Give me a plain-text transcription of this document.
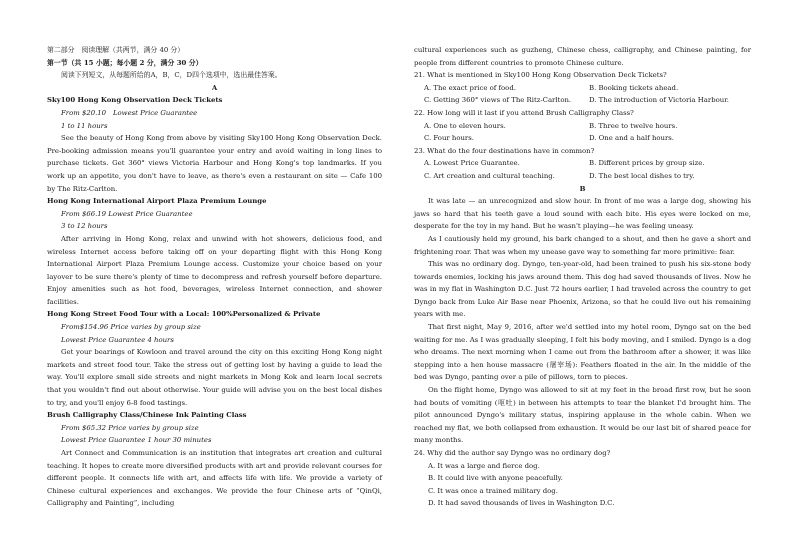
第二部分　阅读理解（共两节，满分 40 分）

第一节（共 15 小题；每小题 2 分，满分 30 分）

阅读下列短文，从每题所给的A，B，C，D四个选项中，选出最佳答案。

A

Sky100 Hong Kong Observation Deck Tickets

From $20.10　Lowest Price Guarantee

1 to 11 hours

See the beauty of Hong Kong from above by visiting Sky100 Hong Kong Observation Deck. Pre-booking admission means you'll guarantee your entry and avoid waiting in long lines to purchase tickets. Get 360° views Victoria Harbour and Hong Kong's top landmarks. If you work up an appetite, you don't have to leave, as there's even a restaurant on site — Cafe 100 by The Ritz-Carlton.

Hong Kong International Airport Plaza Premium Lounge

From $66.19 Lowest Price Guarantee

3 to 12 hours

After arriving in Hong Kong, relax and unwind with hot showers, delicious food, and wireless Internet access before taking off on your departing flight with this Hong Kong International Airport Plaza Premium Lounge access. Customize your choice based on your layover to be sure there's plenty of time to decompress and refresh yourself before departure. Enjoy amenities such as hot food, beverages, wireless Internet connection, and shower facilities.

Hong Kong Street Food Tour with a Local: 100%Personalized & Private

From$154.96 Price varies by group size

Lowest Price Guarantee 4 hours

Get your bearings of Kowloon and travel around the city on this exciting Hong Kong night markets and street food tour. Take the stress out of getting lost by having a guide to lead the way. You'll explore small side streets and night markets in Mong Kok and learn local secrets that you wouldn't find out about otherwise. Your guide will advise you on the best local dishes to try, and you'll enjoy 6-8 food tastings.

Brush Calligraphy Class/Chinese Ink Painting Class

From $65.32 Price varies by group size

Lowest Price Guarantee 1 hour 30 minutes

Art Connect and Communication is an institution that integrates art creation and cultural teaching. It hopes to create more diversified products with art and provide relevant courses for different people. It connects life with art, and affects life with life. We provide a variety of Chinese cultural experiences and exchanges. We provide the four Chinese arts of “QinQi, Calligraphy and Painting”, including

cultural experiences such as guzheng, Chinese chess, calligraphy, and Chinese painting, for people from different countries to promote Chinese culture.

21. What is mentioned in Sky100 Hong Kong Observation Deck Tickets?

A. The exact price of food.	B. Booking tickets ahead.
C. Getting 360° views of The Ritz-Carlton.	D. The introduction of Victoria Harbour.

22. How long will it last if you attend Brush Calligraphy Class?

A. One to eleven hours.	B. Three to twelve hours.
C. Four hours.	D. One and a half hours.

23. What do the four destinations have in common?

A. Lowest Price Guarantee.	B. Different prices by group size.
C. Art creation and cultural teaching.	D. The best local dishes to try.

B

It was late — an unrecognized and slow hour. In front of me was a large dog, showing his jaws so hard that his teeth gave a loud sound with each bite. His eyes were locked on me, desperate for the toy in my hand. But he wasn't playing—he was feeling uneasy.

As I cautiously held my ground, his bark changed to a shout, and then he gave a short and frightening roar. That was when my unease gave way to something far more primitive: fear.

This was no ordinary dog. Dyngo, ten-year-old, had been trained to push his six-stone body towards enemies, locking his jaws around them. This dog had saved thousands of lives. Now he was in my flat in Washington D.C. Just 72 hours earlier, I had traveled across the country to get Dyngo back from Luke Air Base near Phoenix, Arizona, so that he could live out his remaining years with me.

That first night, May 9, 2016, after we'd settled into my hotel room, Dyngo sat on the bed waiting for me. As I was gradually sleeping, I felt his body moving, and I smiled. Dyngo is a dog who dreams. The next morning when I came out from the bathroom after a shower, it was like stepping into a hen house massacre (屠宰场): Feathers floated in the air. In the middle of the bed was Dyngo, panting over a pile of pillows, torn to pieces.

On the flight home, Dyngo was allowed to sit at my feet in the broad first row, but he soon had bouts of vomiting (呕吐) in between his attempts to tear the blanket I'd brought him. The pilot announced Dyngo's military status, inspiring applause in the whole cabin. When we reached my flat, we both collapsed from exhaustion. It would be our last bit of shared peace for many months.

24. Why did the author say Dyngo was no ordinary dog?

A. It was a large and fierce dog.

B. It could live with anyone peacefully.

C. It was once a trained military dog.

D. It had saved thousands of lives in Washington D.C.
